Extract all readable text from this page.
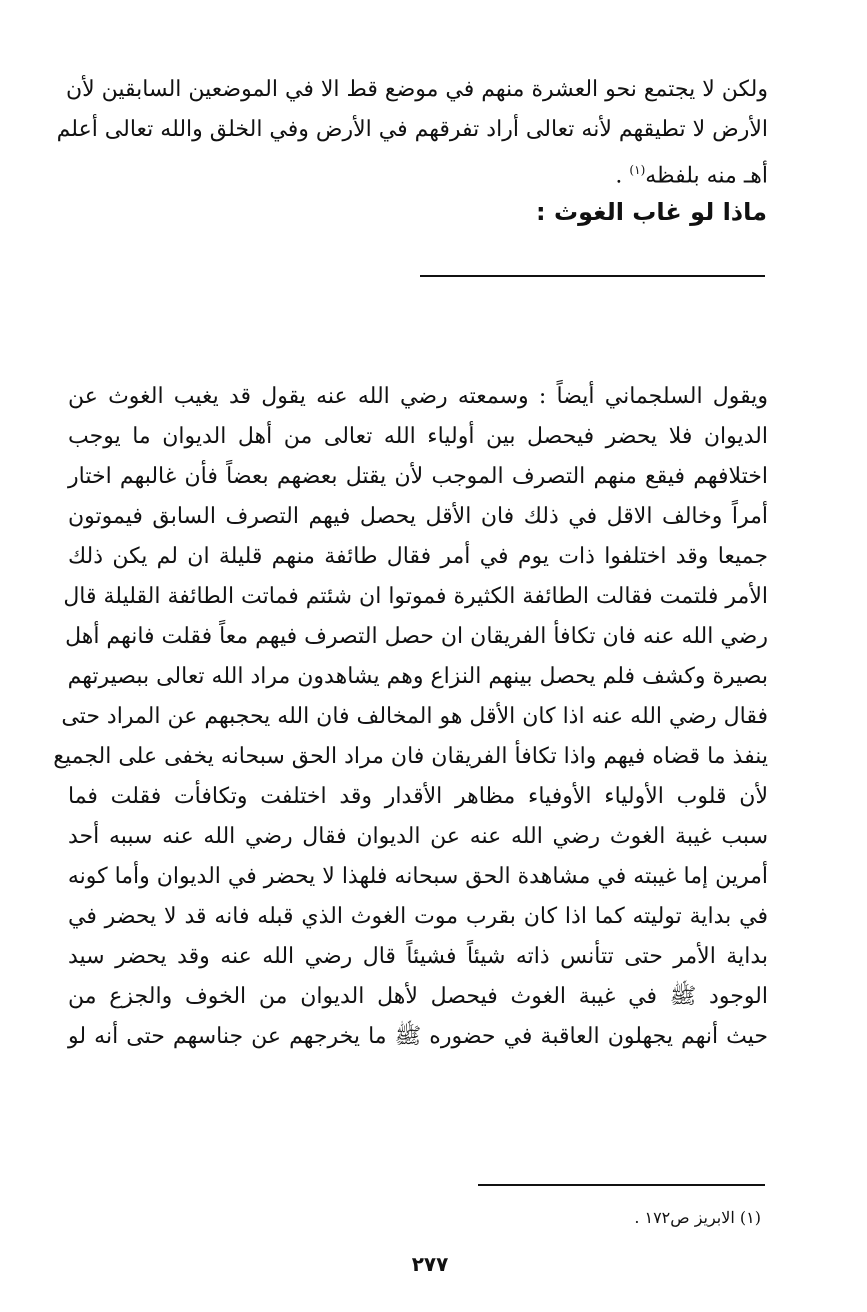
ولكن لا يجتمع نحو العشرة منهم في موضع قط الا في الموضعين السابقين لأن
الأرض لا تطيقهم لأنه تعالى أراد تفرقهم في الأرض وفي الخلق والله تعالى أعلم
أهـ منه بلفظه$^{(١)}$ .
ماذا لو غاب الغوث :
ويقول السلجماني أيضاً : وسمعته رضي الله عنه يقول قد يغيب الغوث عن
الديوان فلا يحضر فيحصل بين أولياء الله تعالى من أهل الديوان ما يوجب
اختلافهم فيقع منهم التصرف الموجب لأن يقتل بعضهم بعضاً فأن غالبهم اختار
أمراً وخالف الاقل في ذلك فان الأقل يحصل فيهم التصرف السابق فيموتون
جميعا وقد اختلفوا ذات يوم في أمر فقال طائفة منهم قليلة ان لم يكن ذلك
الأمر فلتمت فقالت الطائفة الكثيرة فموتوا ان شئتم فماتت الطائفة القليلة قال
رضي الله عنه فان تكافأ الفريقان ان حصل التصرف فيهم معاً فقلت فانهم أهل
بصيرة وكشف فلم يحصل بينهم النزاع وهم يشاهدون مراد الله تعالى ببصيرتهم
فقال رضي الله عنه اذا كان الأقل هو المخالف فان الله يحجبهم عن المراد حتى
ينفذ ما قضاه فيهم واذا تكافأ الفريقان فان مراد الحق سبحانه يخفى على الجميع
لأن قلوب الأولياء الأوفياء مظاهر الأقدار وقد اختلفت وتكافأت فقلت فما
سبب غيبة الغوث رضي الله عنه عن الديوان فقال رضي الله عنه سببه أحد
أمرين إما غيبته في مشاهدة الحق سبحانه فلهذا لا يحضر في الديوان وأما كونه
في بداية توليته كما اذا كان بقرب موت الغوث الذي قبله فانه قد لا يحضر في
بداية الأمر حتى تتأنس ذاته شيئاً فشيئاً قال رضي الله عنه وقد يحضر سيد
الوجود ﷺ في غيبة الغوث فيحصل لأهل الديوان من الخوف والجزع من
حيث أنهم يجهلون العاقبة في حضوره ﷺ ما يخرجهم عن جناسهم حتى أنه لو
(١) الابريز ص١٧٢ .
٢٧٧
